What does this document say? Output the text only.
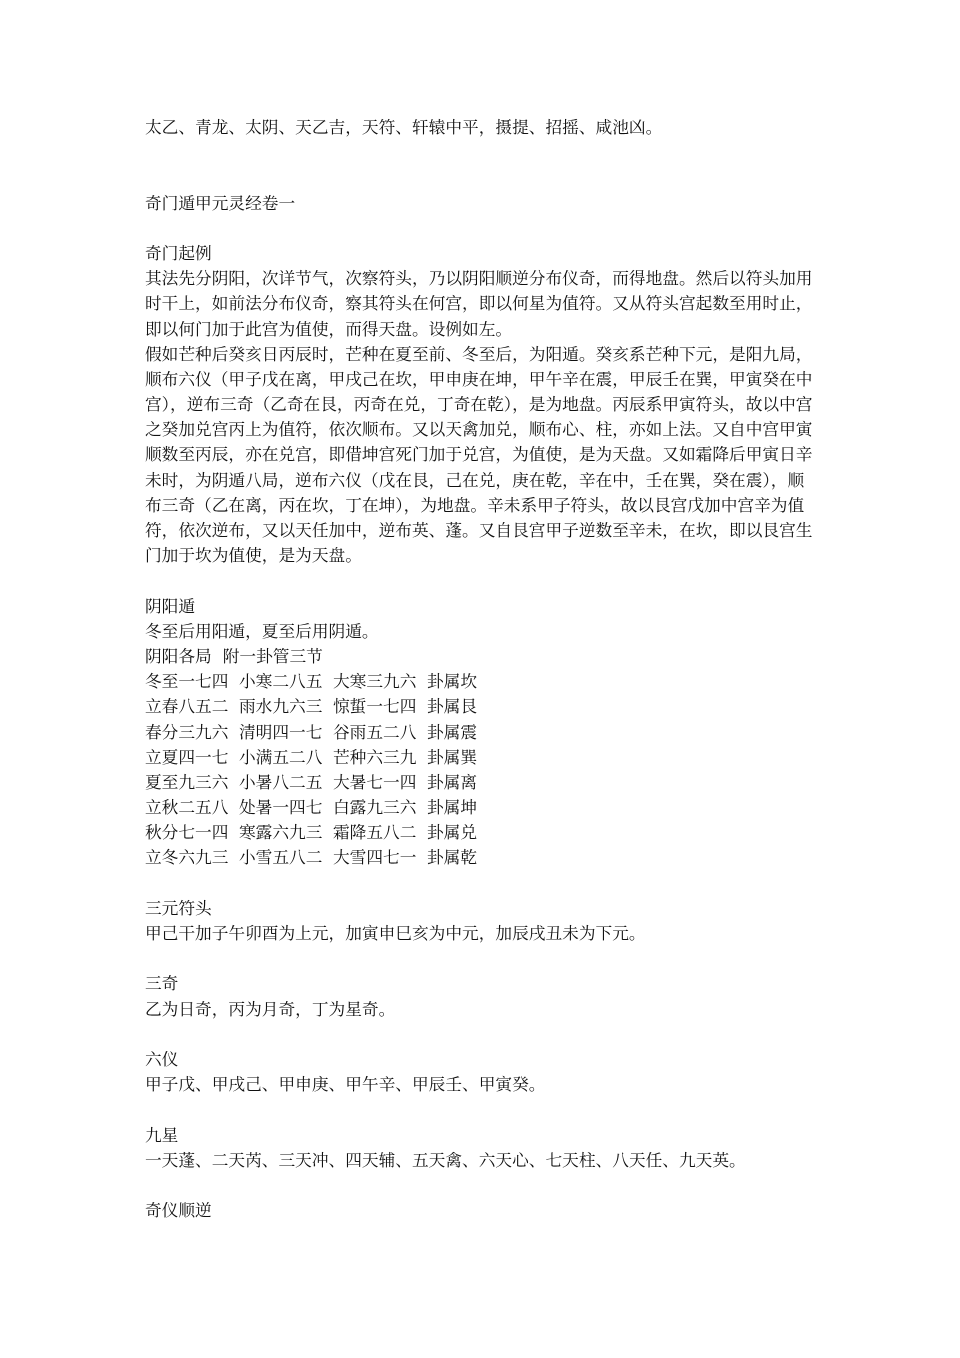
太乙、青龙、太阴、天乙吉，天符、轩辕中平，摄提、招摇、咸池凶。
奇门遁甲元灵经卷一
奇门起例
其法先分阴阳，次详节气，次察符头，乃以阴阳顺逆分布仪奇，而得地盘。然后以符头加用
时干上，如前法分布仪奇，察其符头在何宫，即以何星为值符。又从符头宫起数至用时止，
即以何门加于此宫为值使，而得天盘。设例如左。
假如芒种后癸亥日丙辰时，芒种在夏至前、冬至后，为阳遁。癸亥系芒种下元，是阳九局，
顺布六仪（甲子戊在离，甲戌己在坎，甲申庚在坤，甲午辛在震，甲辰壬在巽，甲寅癸在中
宫），逆布三奇（乙奇在艮，丙奇在兑，丁奇在乾），是为地盘。丙辰系甲寅符头，故以中宫
之癸加兑宫丙上为值符，依次顺布。又以天禽加兑，顺布心、柱，亦如上法。又自中宫甲寅
顺数至丙辰，亦在兑宫，即借坤宫死门加于兑宫，为值使，是为天盘。又如霜降后甲寅日辛
未时，为阴遁八局，逆布六仪（戊在艮，己在兑，庚在乾，辛在中，壬在巽，癸在震），顺
布三奇（乙在离，丙在坎，丁在坤），为地盘。辛未系甲子符头，故以艮宫戊加中宫辛为值
符，依次逆布，又以天任加中，逆布英、蓬。又自艮宫甲子逆数至辛未，在坎，即以艮宫生
门加于坎为值使，是为天盘。
阴阳遁
冬至后用阳遁，夏至后用阴遁。
阴阳各局 附一卦管三节
冬至一七四 小寒二八五 大寒三九六 卦属坎
立春八五二 雨水九六三 惊蜇一七四 卦属艮
春分三九六 清明四一七 谷雨五二八 卦属震
立夏四一七 小满五二八 芒种六三九 卦属巽
夏至九三六 小暑八二五 大暑七一四 卦属离
立秋二五八 处暑一四七 白露九三六 卦属坤
秋分七一四 寒露六九三 霜降五八二 卦属兑
立冬六九三 小雪五八二 大雪四七一 卦属乾
三元符头
甲己干加子午卯酉为上元，加寅申巳亥为中元，加辰戌丑未为下元。
三奇
乙为日奇，丙为月奇，丁为星奇。
六仪
甲子戊、甲戌己、甲申庚、甲午辛、甲辰壬、甲寅癸。
九星
一天蓬、二天芮、三天冲、四天辅、五天禽、六天心、七天柱、八天任、九天英。
奇仪顺逆
